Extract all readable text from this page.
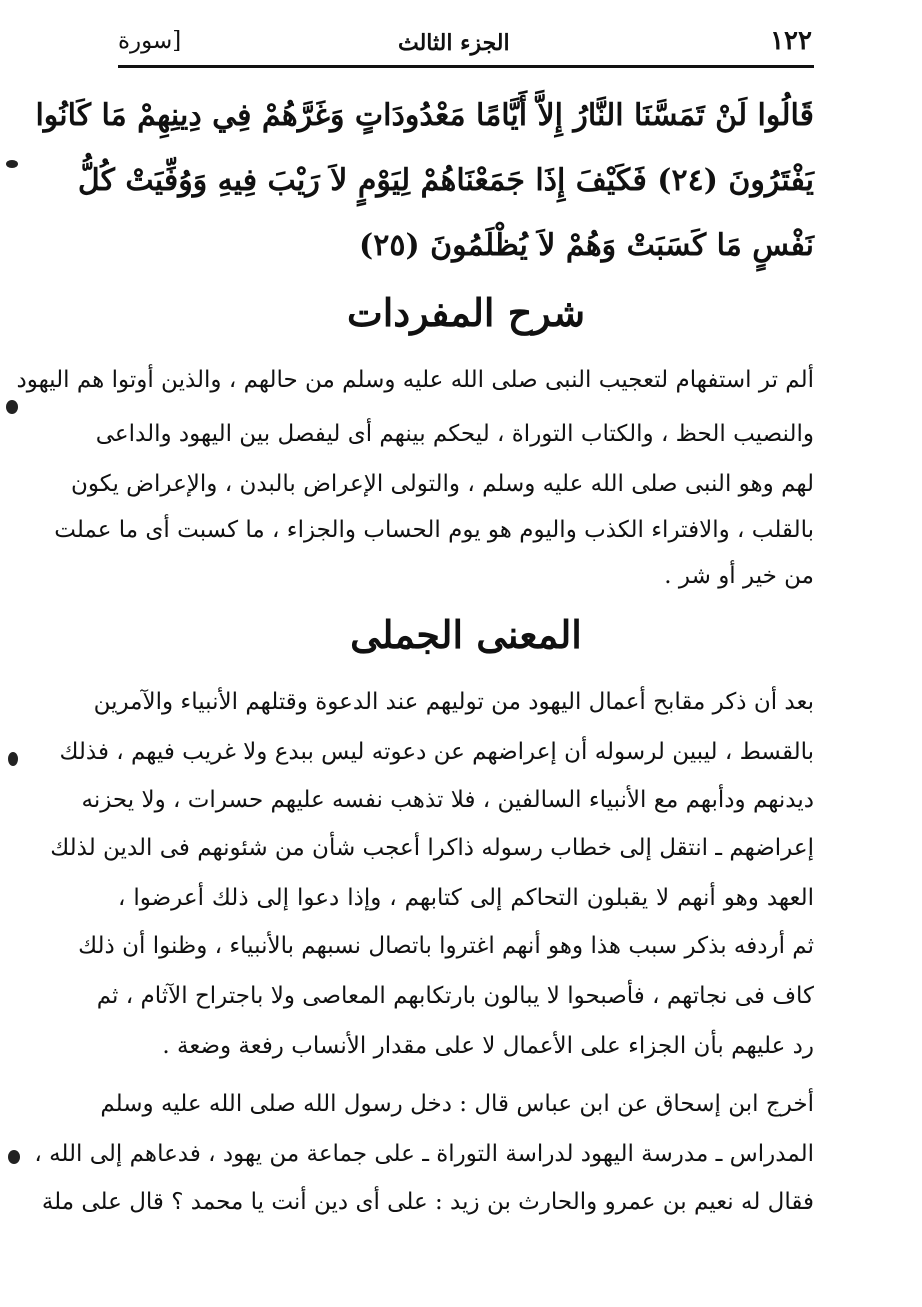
١٢٢
الجزء الثالث
[سورة
قَالُوا لَنْ تَمَسَّنَا النَّارُ إِلاَّ أَيَّامًا مَعْدُودَاتٍ وَغَرَّهُمْ فِي دِينِهِمْ مَا كَانُوا
يَفْتَرُونَ (٢٤) فَكَيْفَ إِذَا جَمَعْنَاهُمْ لِيَوْمٍ لاَ رَيْبَ فِيهِ وَوُفِّيَتْ كُلُّ
نَفْسٍ مَا كَسَبَتْ وَهُمْ لاَ يُظْلَمُونَ (٢٥)
شرح المفردات
ألم تر استفهام لتعجيب النبى صلى الله عليه وسلم من حالهم ، والذين أوتوا هم اليهود
والنصيب الحظ ، والكتاب التوراة ، ليحكم بينهم أى ليفصل بين اليهود والداعى
لهم وهو النبى صلى الله عليه وسلم ، والتولى الإعراض بالبدن ، والإعراض يكون
بالقلب ، والافتراء الكذب واليوم هو يوم الحساب والجزاء ، ما كسبت أى ما عملت
من خير أو شر .
المعنى الجملى
بعد أن ذكر مقابح أعمال اليهود من توليهم عند الدعوة وقتلهم الأنبياء والآمرين
بالقسط ، ليبين لرسوله أن إعراضهم عن دعوته ليس ببدع ولا غريب فيهم ، فذلك
ديدنهم ودأبهم مع الأنبياء السالفين ، فلا تذهب نفسه عليهم حسرات ، ولا يحزنه
إعراضهم ـ انتقل إلى خطاب رسوله ذاكرا أعجب شأن من شئونهم فى الدين لذلك
العهد وهو أنهم لا يقبلون التحاكم إلى كتابهم ، وإذا دعوا إلى ذلك أعرضوا ،
ثم أردفه بذكر سبب هذا وهو أنهم اغتروا باتصال نسبهم بالأنبياء ، وظنوا أن ذلك
كاف فى نجاتهم ، فأصبحوا لا يبالون بارتكابهم المعاصى ولا باجتراح الآثام ، ثم
رد عليهم بأن الجزاء على الأعمال لا على مقدار الأنساب رفعة وضعة .
أخرج ابن إسحاق عن ابن عباس قال : دخل رسول الله صلى الله عليه وسلم
المدراس ـ مدرسة اليهود لدراسة التوراة ـ على جماعة من يهود ، فدعاهم إلى الله ،
فقال له نعيم بن عمرو والحارث بن زيد : على أى دين أنت يا محمد ؟ قال على ملة
